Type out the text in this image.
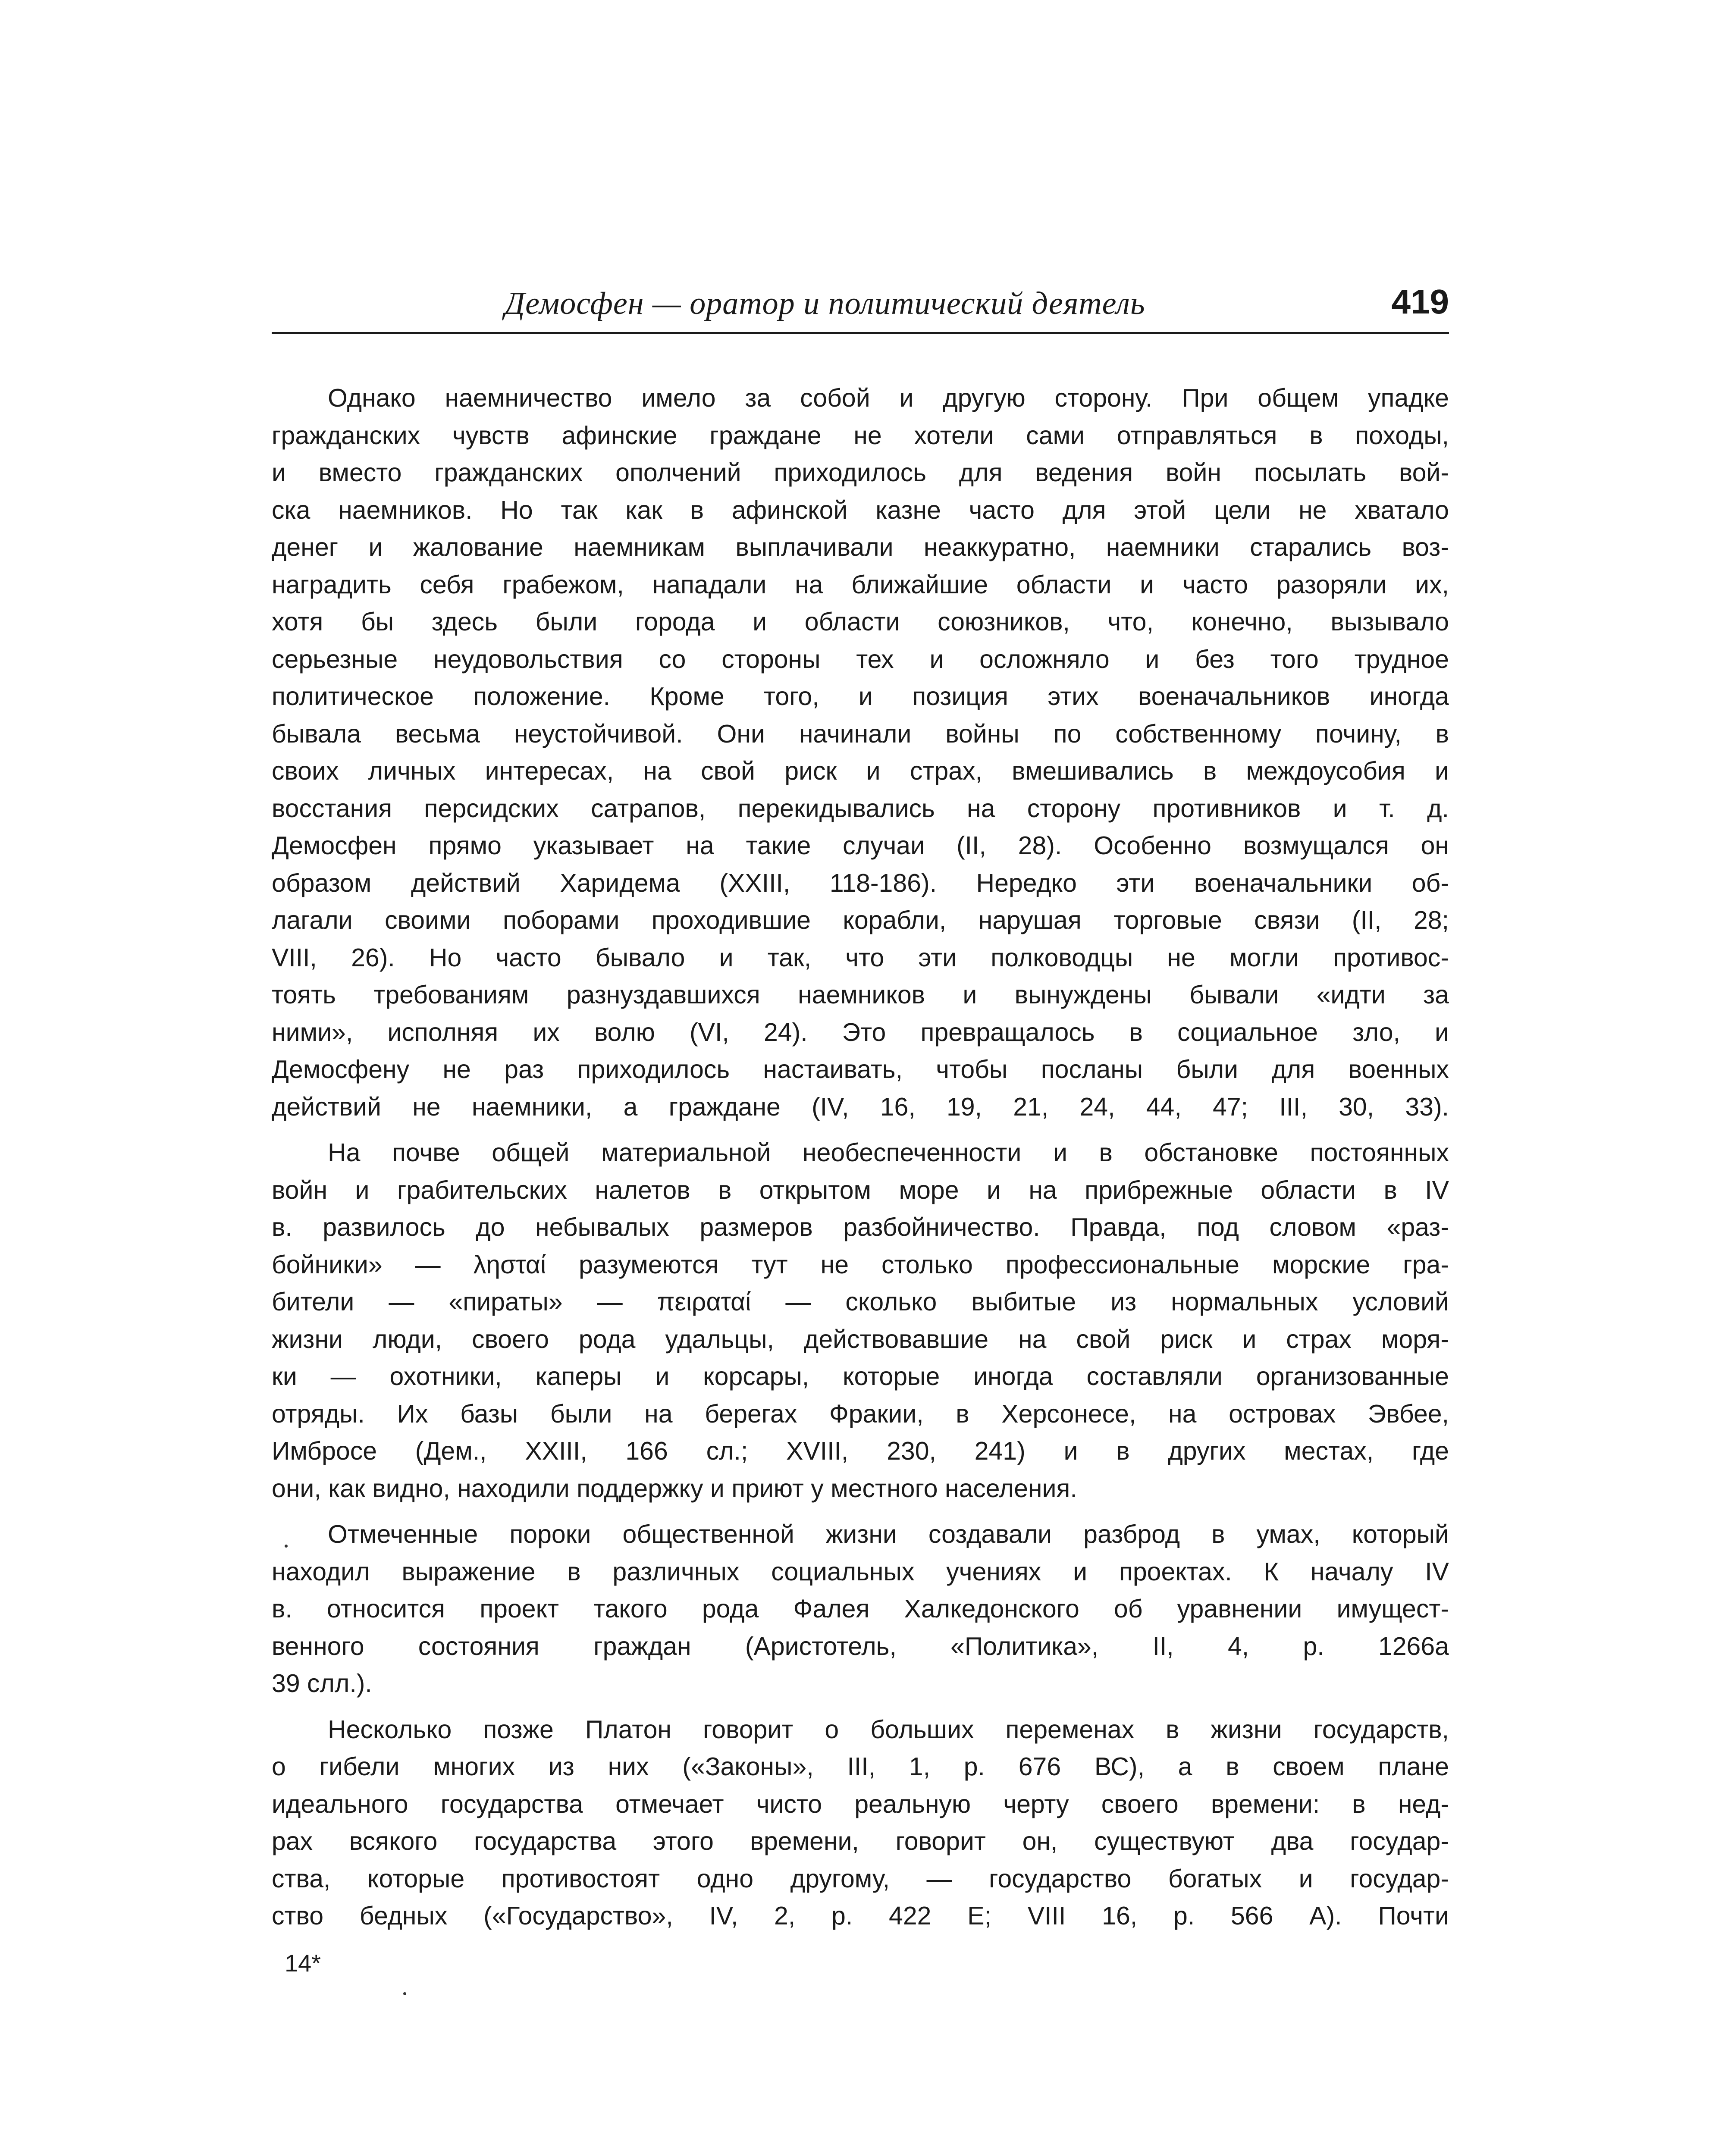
Демосфен — оратор и политический деятель	419
Однако наемничество имело за собой и другую сторону. При общем упадке
гражданских чувств афинские граждане не хотели сами отправляться в походы,
и вместо гражданских ополчений приходилось для ведения войн посылать вой-
ска наемников. Но так как в афинской казне часто для этой цели не хватало
денег и жалование наемникам выплачивали неаккуратно, наемники старались воз-
наградить себя грабежом, нападали на ближайшие области и часто разоряли их,
хотя бы здесь были города и области союзников, что, конечно, вызывало
серьезные неудовольствия со стороны тех и осложняло и без того трудное
политическое положение. Кроме того, и позиция этих военачальников иногда
бывала весьма неустойчивой. Они начинали войны по собственному почину, в
своих личных интересах, на свой риск и страх, вмешивались в междоусобия и
восстания персидских сатрапов, перекидывались на сторону противников и т. д.
Демосфен прямо указывает на такие случаи (II, 28). Особенно возмущался он
образом действий Харидема (XXIII, 118-186). Нередко эти военачальники об-
лагали своими поборами проходившие корабли, нарушая торговые связи (II, 28;
VIII, 26). Но часто бывало и так, что эти полководцы не могли противос-
тоять требованиям разнуздавшихся наемников и вынуждены бывали «идти за
ними», исполняя их волю (VI, 24). Это превращалось в социальное зло, и
Демосфену не раз приходилось настаивать, чтобы посланы были для военных
действий не наемники, а граждане (IV, 16, 19, 21, 24, 44, 47; III, 30, 33).
На почве общей материальной необеспеченности и в обстановке постоянных
войн и грабительских налетов в открытом море и на прибрежные области в IV
в. развилось до небывалых размеров разбойничество. Правда, под словом «раз-
бойники» — λησταί разумеются тут не столько профессиональные морские гра-
бители — «пираты» — πειραταί — сколько выбитые из нормальных условий
жизни люди, своего рода удальцы, действовавшие на свой риск и страх моря-
ки — охотники, каперы и корсары, которые иногда составляли организованные
отряды. Их базы были на берегах Фракии, в Херсонесе, на островах Эвбее,
Имбросе (Дем., XXIII, 166 сл.; XVIII, 230, 241) и в других местах, где
они, как видно, находили поддержку и приют у местного населения.
Отмеченные пороки общественной жизни создавали разброд в умах, который
находил выражение в различных социальных учениях и проектах. К началу IV
в. относится проект такого рода Фалея Халкедонского об уравнении имущест-
венного состояния граждан (Аристотель, «Политика», II, 4, р. 1266а
39 слл.).
Несколько позже Платон говорит о больших переменах в жизни государств,
о гибели многих из них («Законы», III, 1, р. 676 ВС), а в своем плане
идеального государства отмечает чисто реальную черту своего времени: в нед-
рах всякого государства этого времени, говорит он, существуют два государ-
ства, которые противостоят одно другому, — государство богатых и государ-
ство бедных («Государство», IV, 2, р. 422 Е; VIII 16, р. 566 А). Почти
14*
